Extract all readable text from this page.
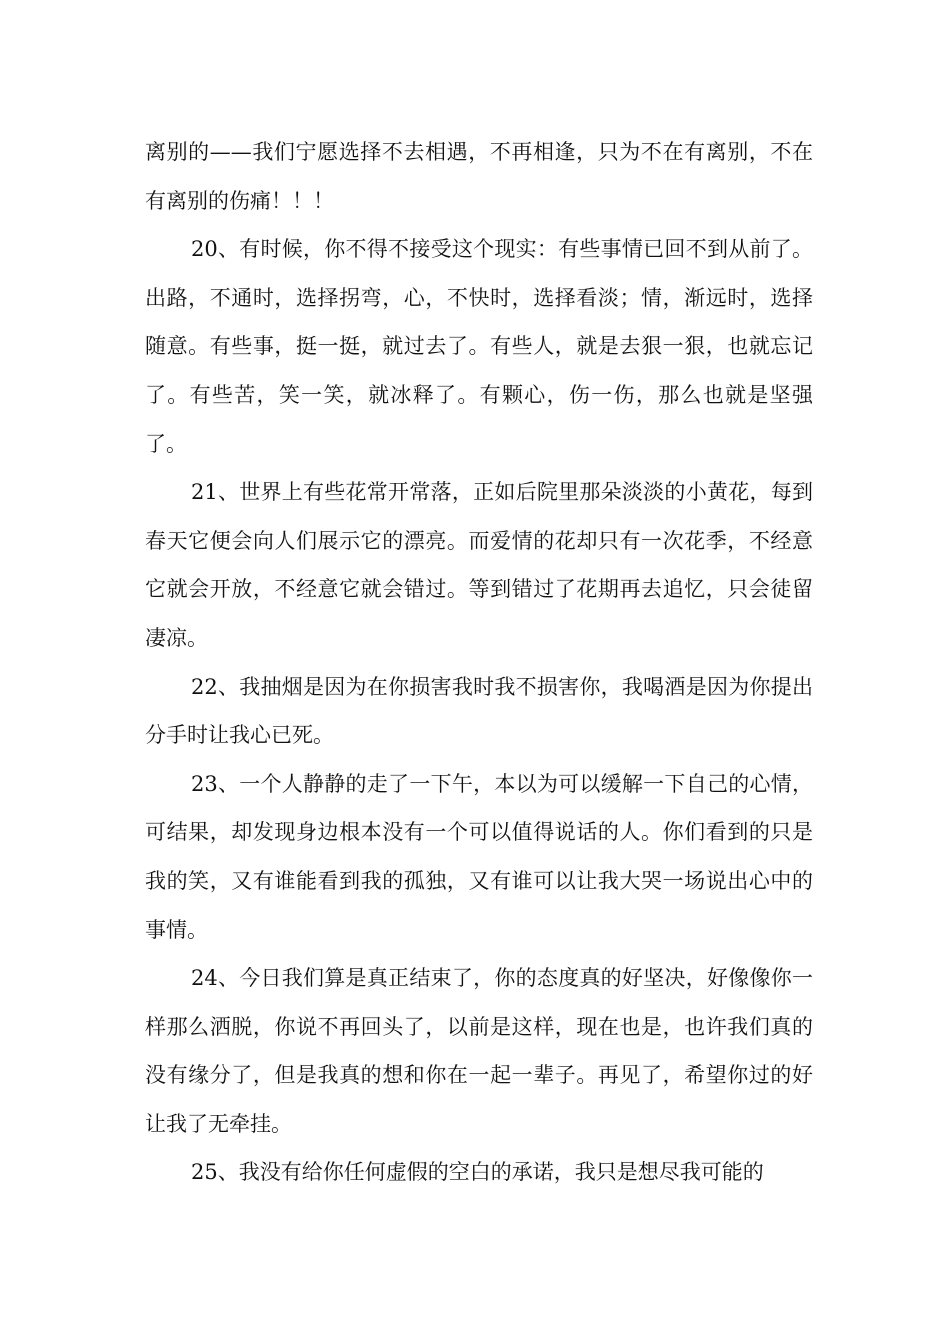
离别的——我们宁愿选择不去相遇，不再相逢，只为不在有离别，不在有离别的伤痛！！！

20、有时候，你不得不接受这个现实：有些事情已回不到从前了。出路，不通时，选择拐弯，心，不快时，选择看淡；情，渐远时，选择随意。有些事，挺一挺，就过去了。有些人，就是去狠一狠，也就忘记了。有些苦，笑一笑，就冰释了。有颗心，伤一伤，那么也就是坚强了。

21、世界上有些花常开常落，正如后院里那朵淡淡的小黄花，每到春天它便会向人们展示它的漂亮。而爱情的花却只有一次花季，不经意它就会开放，不经意它就会错过。等到错过了花期再去追忆，只会徒留凄凉。

22、我抽烟是因为在你损害我时我不损害你，我喝酒是因为你提出分手时让我心已死。

23、一个人静静的走了一下午，本以为可以缓解一下自己的心情，可结果，却发现身边根本没有一个可以值得说话的人。你们看到的只是我的笑，又有谁能看到我的孤独，又有谁可以让我大哭一场说出心中的事情。

24、今日我们算是真正结束了，你的态度真的好坚决，好像像你一样那么洒脱，你说不再回头了，以前是这样，现在也是，也许我们真的没有缘分了，但是我真的想和你在一起一辈子。再见了，希望你过的好让我了无牵挂。

25、我没有给你任何虚假的空白的承诺，我只是想尽我可能的
